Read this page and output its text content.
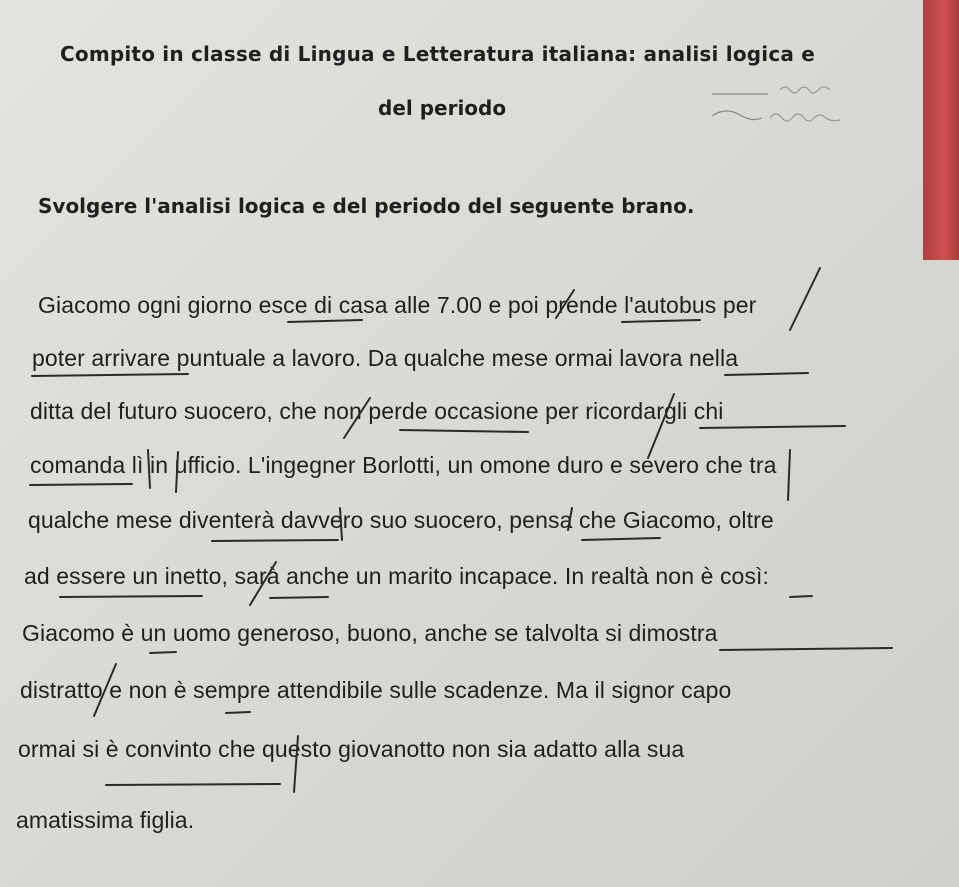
Compito in classe di Lingua e Letteratura italiana: analisi logica e
del periodo
Svolgere l'analisi logica e del periodo del seguente brano.
Giacomo ogni giorno esce di casa alle 7.00 e poi prende l'autobus per
poter arrivare puntuale a lavoro. Da qualche mese ormai lavora nella
ditta del futuro suocero, che non perde occasione per ricordargli chi
comanda lì in ufficio. L'ingegner Borlotti, un omone duro e severo che tra
qualche mese diventerà davvero suo suocero, pensa che Giacomo, oltre
ad essere un inetto, sarà anche un marito incapace. In realtà non è così:
Giacomo è un uomo generoso, buono, anche se talvolta si dimostra
distratto e non è sempre attendibile sulle scadenze. Ma il signor capo
ormai si è convinto che questo giovanotto non sia adatto alla sua
amatissima figlia.
